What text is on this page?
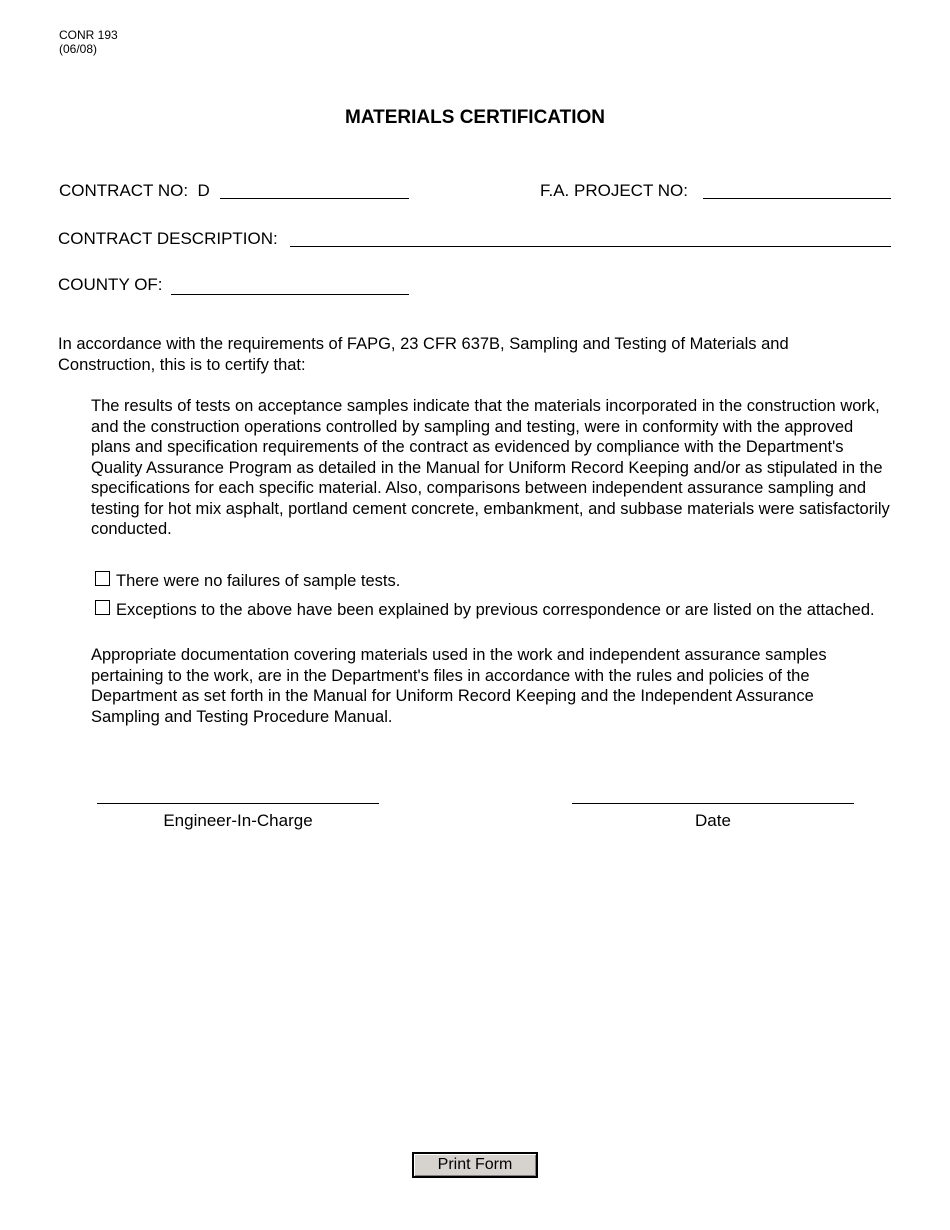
CONR 193
(06/08)
MATERIALS CERTIFICATION
CONTRACT NO: D	F.A. PROJECT NO:
CONTRACT DESCRIPTION:
COUNTY OF:
In accordance with the requirements of FAPG, 23 CFR 637B, Sampling and Testing of Materials and Construction, this is to certify that:
The results of tests on acceptance samples indicate that the materials incorporated in the construction work, and the construction operations controlled by sampling and testing, were in conformity with the approved plans and specification requirements of the contract as evidenced by compliance with the Department's Quality Assurance Program as detailed in the Manual for Uniform Record Keeping and/or as stipulated in the specifications for each specific material. Also, comparisons between independent assurance sampling and testing for hot mix asphalt, portland cement concrete, embankment, and subbase materials were satisfactorily conducted.
There were no failures of sample tests.
Exceptions to the above have been explained by previous correspondence or are listed on the attached.
Appropriate documentation covering materials used in the work and independent assurance samples pertaining to the work, are in the Department's files in accordance with the rules and policies of the Department as set forth in the Manual for Uniform Record Keeping and the Independent Assurance Sampling and Testing Procedure Manual.
Engineer-In-Charge	Date
Print Form
